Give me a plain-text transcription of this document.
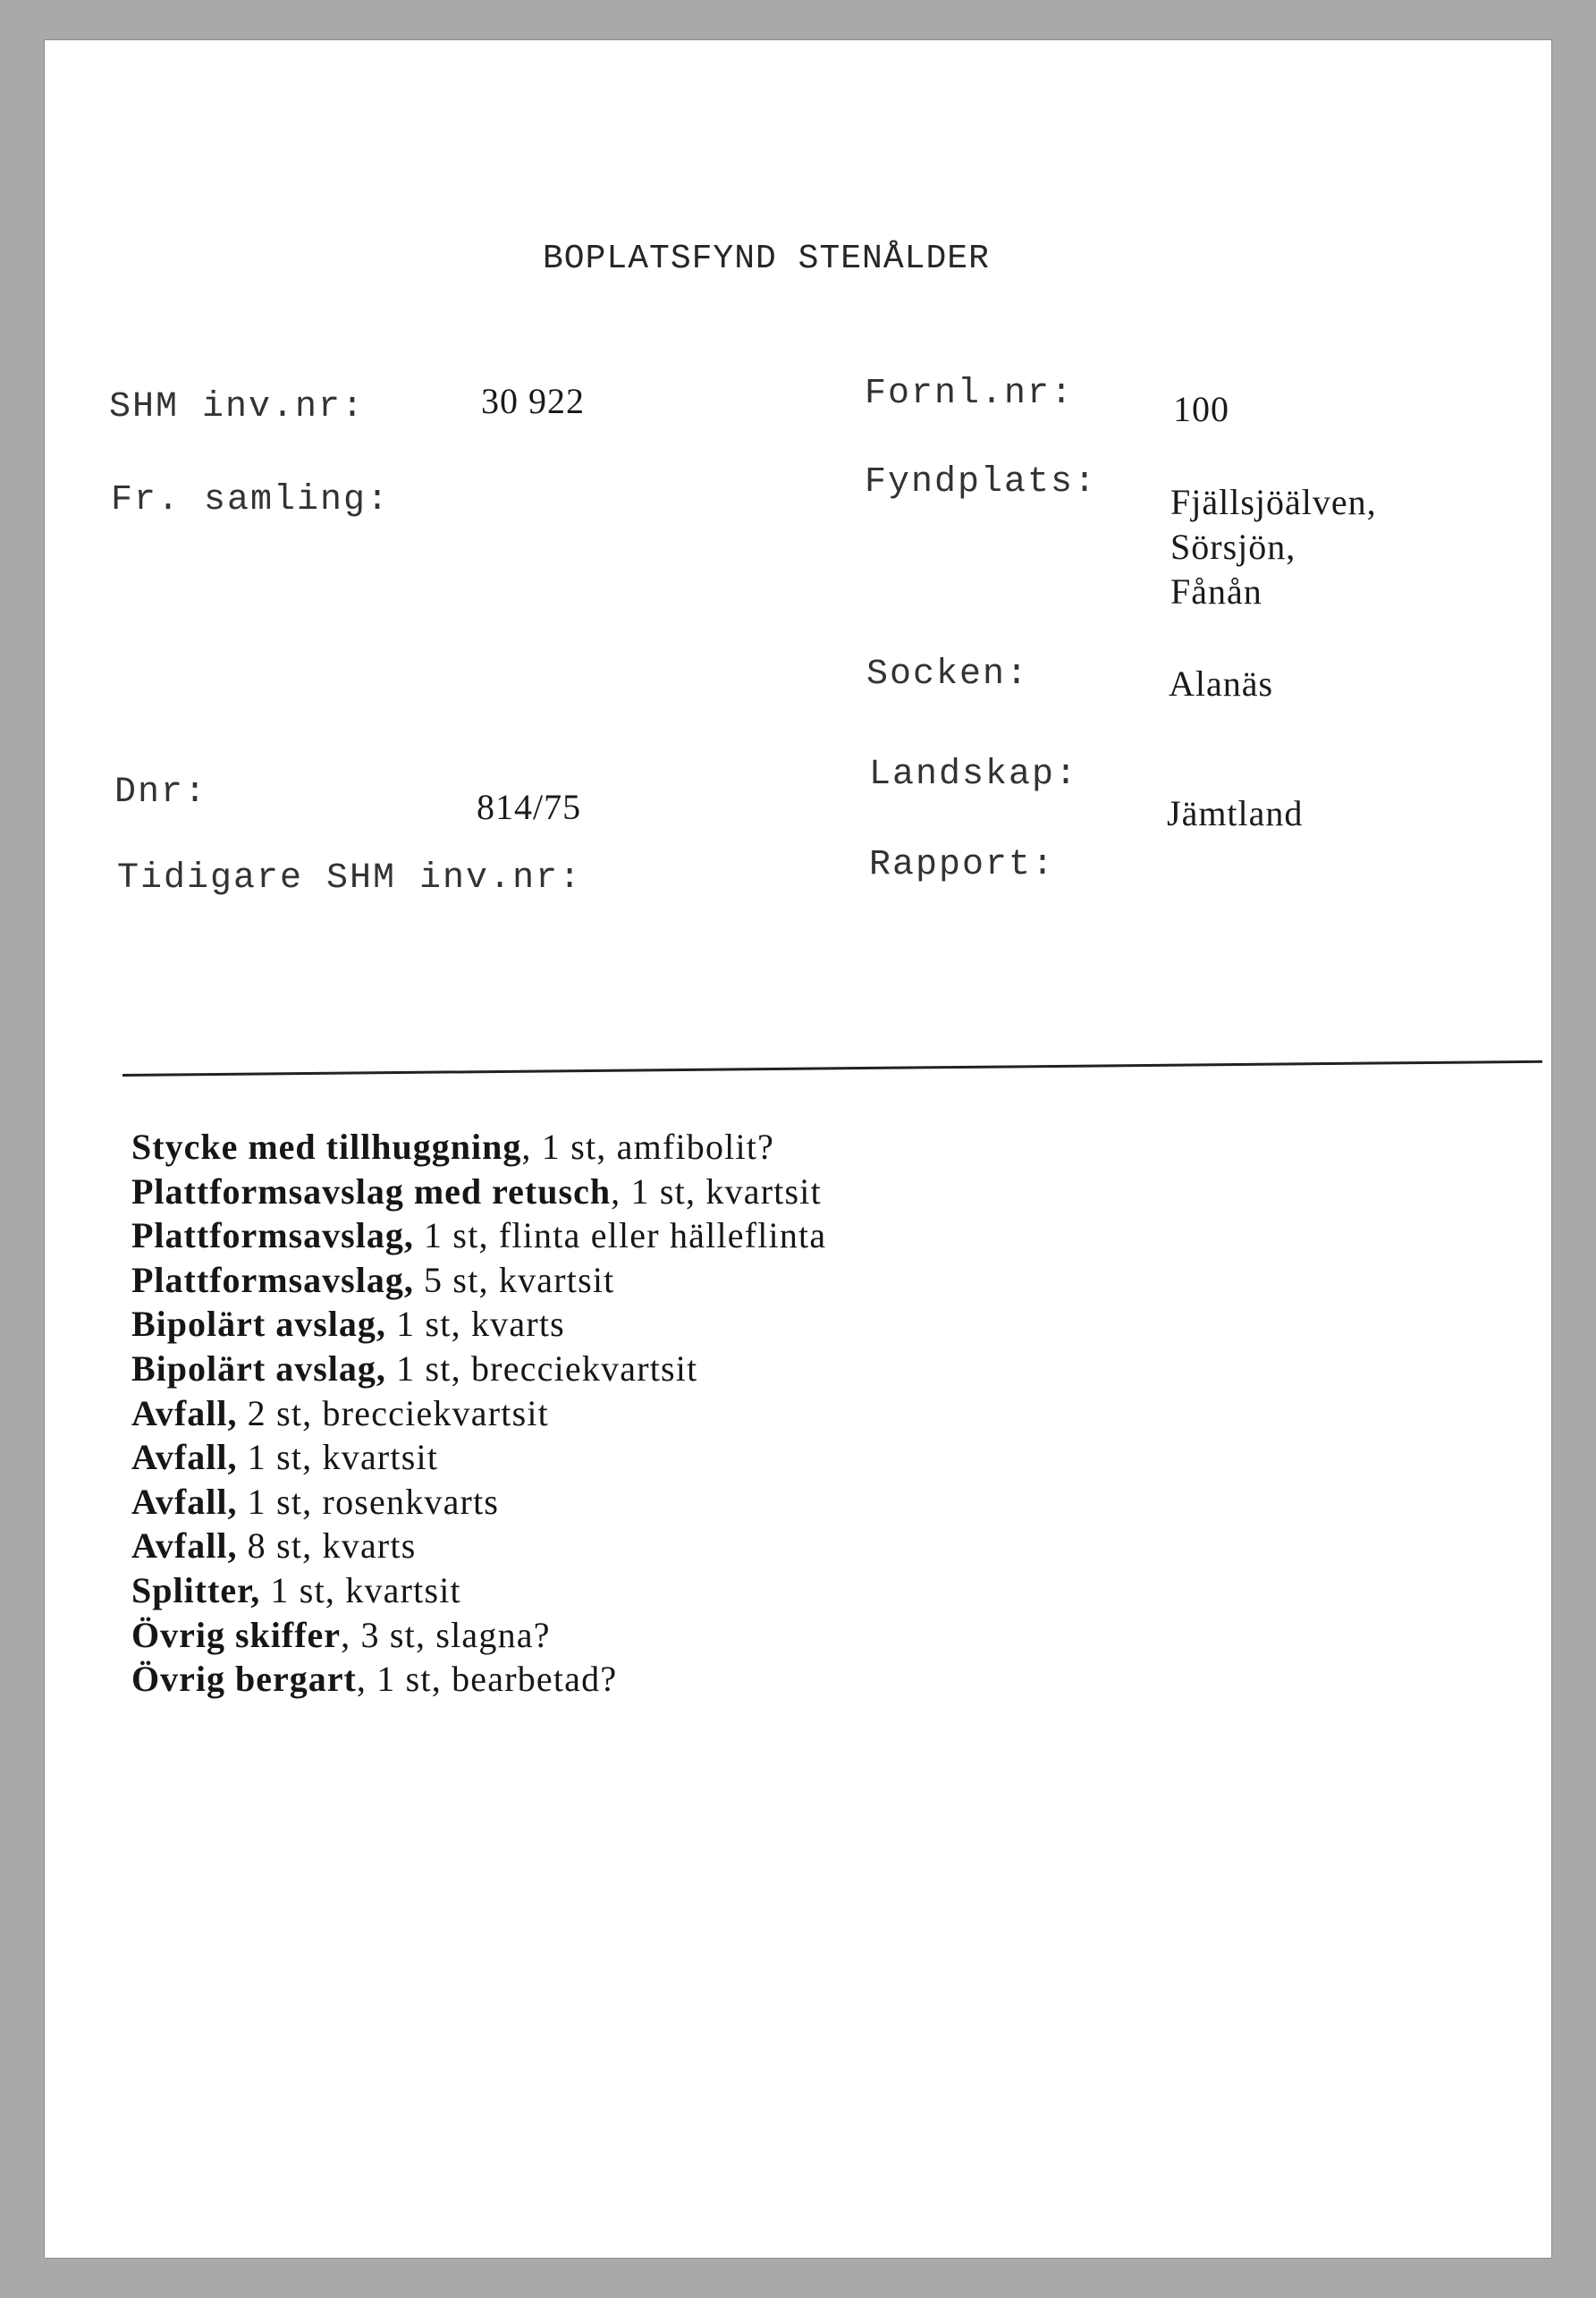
BOPLATSFYND STENÅLDER
SHM inv.nr:	30 922
Fr. samling:
Dnr:	814/75
Tidigare SHM inv.nr:
Fornl.nr:	100
Fyndplats: Fjällsjöälven,
Sörsjön,
Fånån
Socken:	Alanäs
Landskap:
Jämtland
Rapport:
Stycke med tillhuggning, 1 st, amfibolit?
Plattformsavslag med retusch, 1 st, kvartsit
Plattformsavslag, 1 st, flinta eller hälleflinta
Plattformsavslag, 5 st, kvartsit
Bipolärt avslag, 1 st, kvarts
Bipolärt avslag, 1 st, brecciekvartsit
Avfall, 2 st, brecciekvartsit
Avfall, 1 st, kvartsit
Avfall, 1 st, rosenkvarts
Avfall, 8 st, kvarts
Splitter, 1 st, kvartsit
Övrig skiffer, 3 st, slagna?
Övrig bergart, 1 st, bearbetad?
